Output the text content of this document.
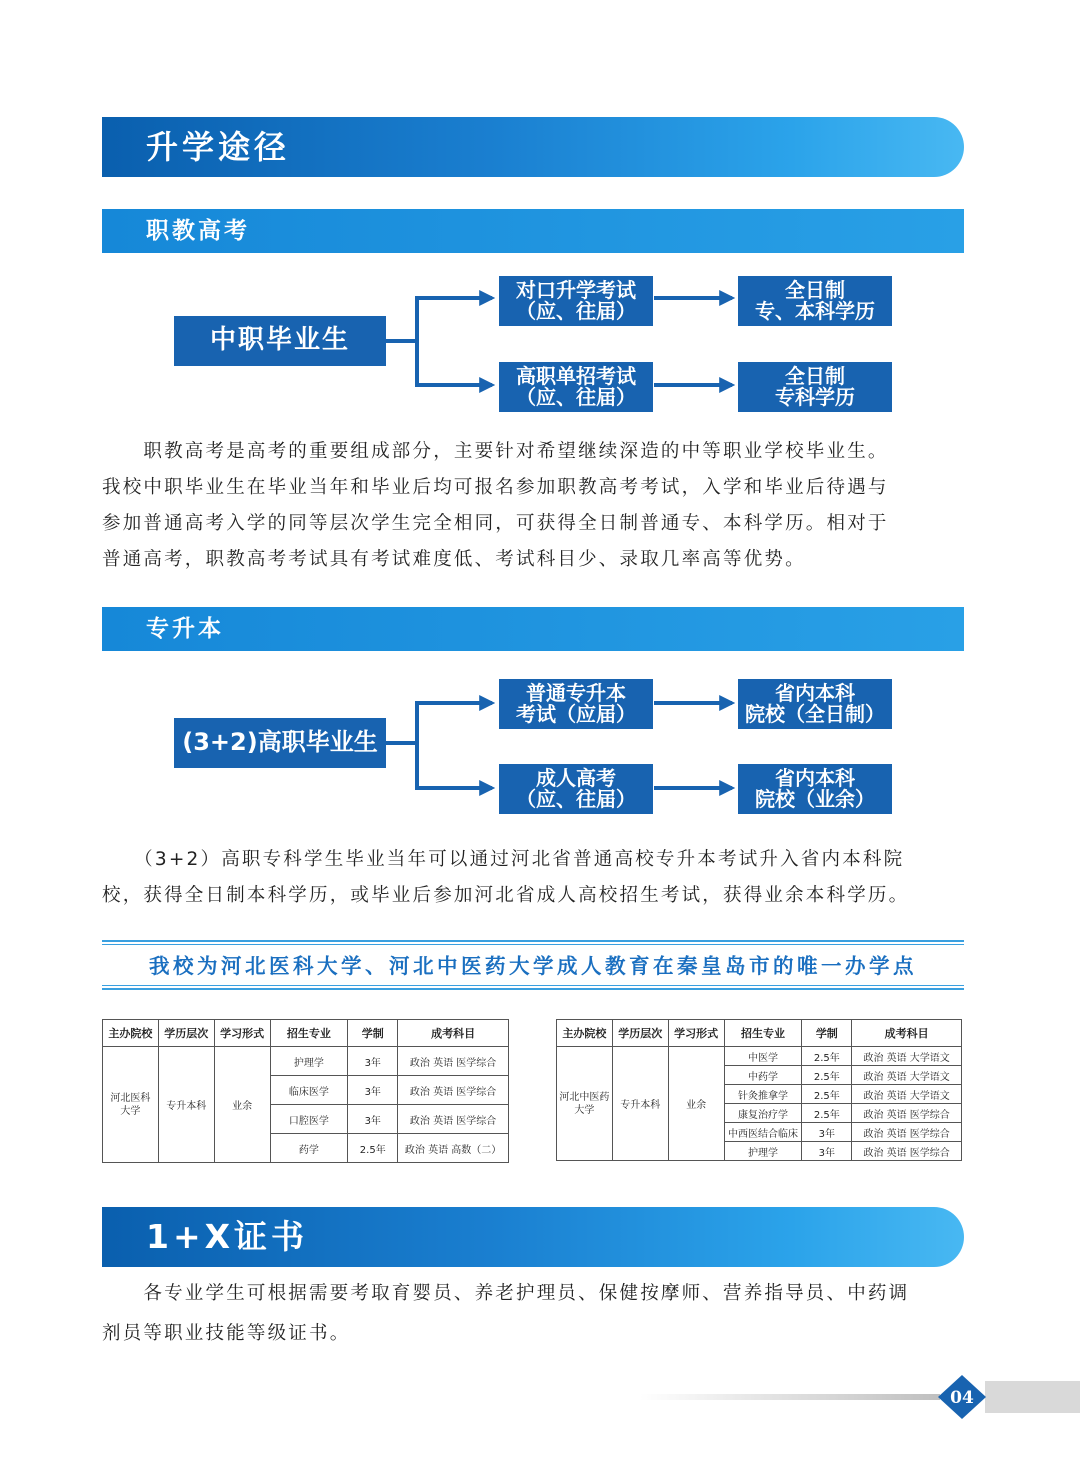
升学途径
职教高考
中职毕业生
对口升学考试
（应、往届）
全日制
专、本科学历
高职单招考试
（应、往届）
全日制
专科学历

　　职教高考是高考的重要组成部分，主要针对希望继续深造的中等职业学校毕业生。

我校中职毕业生在毕业当年和毕业后均可报名参加职教高考考试，入学和毕业后待遇与

参加普通高考入学的同等层次学生完全相同，可获得全日制普通专、本科学历。相对于

普通高考，职教高考考试具有考试难度低、考试科目少、录取几率高等优势。

专升本
(3+2)高职毕业生
普通专升本
考试（应届）
省内本科
院校（全日制）
成人高考
（应、往届）
省内本科
院校（业余）

　　（3+2）高职专科学生毕业当年可以通过河北省普通高校专升本考试升入省内本科院

校，获得全日制本科学历，或毕业后参加河北省成人高校招生考试，获得业余本科学历。

我校为河北医科大学、河北中医药大学成人教育在秦皇岛市的唯一办学点
主办院校	学历层次	学习形式	招生专业	学制	成考科目
河北医科
大学	专升本科	业余	护理学	3年	政治 英语 医学综合
			临床医学	3年	政治 英语 医学综合
			口腔医学	3年	政治 英语 医学综合
			药学	2.5年	政治 英语 高数（二）
主办院校	学历层次	学习形式	招生专业	学制	成考科目
河北中医药
大学	专升本科	业余	中医学	2.5年	政治 英语 大学语文
			中药学	2.5年	政治 英语 大学语文
			针灸推拿学	2.5年	政治 英语 大学语文
			康复治疗学	2.5年	政治 英语 医学综合
			中西医结合临床	3年	政治 英语 医学综合
			护理学	3年	政治 英语 医学综合
1+X证书

　　各专业学生可根据需要考取育婴员、养老护理员、保健按摩师、营养指导员、中药调

剂员等职业技能等级证书。

04
